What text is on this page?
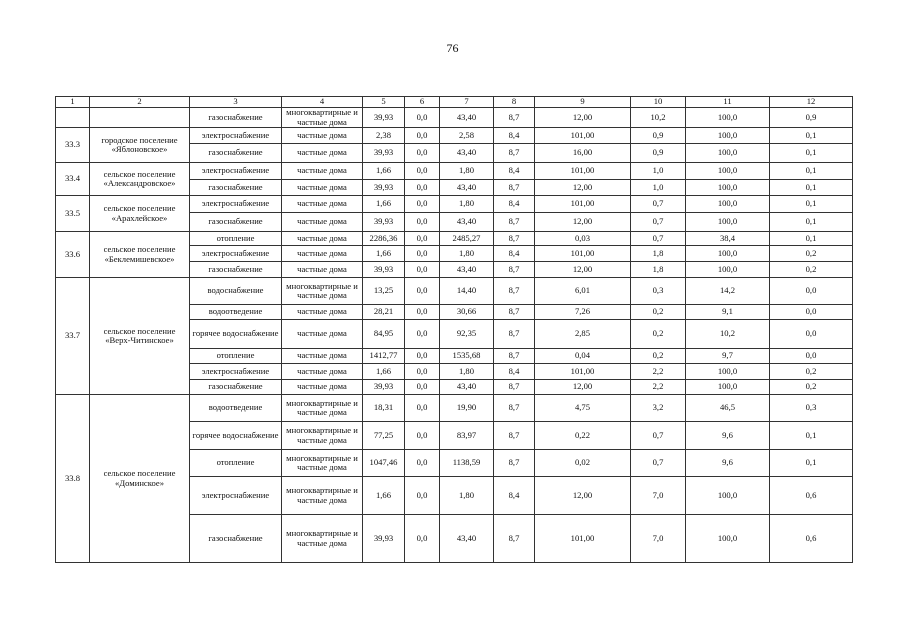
76
1	2	3	4	5	6	7	8	9	10	11	12
		газоснабжение	многоквартирные и частные дома	39,93	0,0	43,40	8,7	12,00	10,2	100,0	0,9
33.3	городское поселение «Яблоновское»	электроснабжение	частные дома	2,38	0,0	2,58	8,4	101,00	0,9	100,0	0,1
		газоснабжение	частные дома	39,93	0,0	43,40	8,7	16,00	0,9	100,0	0,1
33.4	сельское поселение «Александровское»	электроснабжение	частные дома	1,66	0,0	1,80	8,4	101,00	1,0	100,0	0,1
		газоснабжение	частные дома	39,93	0,0	43,40	8,7	12,00	1,0	100,0	0,1
33.5	сельское поселение «Арахлейское»	электроснабжение	частные дома	1,66	0,0	1,80	8,4	101,00	0,7	100,0	0,1
		газоснабжение	частные дома	39,93	0,0	43,40	8,7	12,00	0,7	100,0	0,1
33.6	сельское поселение «Беклемишевское»	отопление	частные дома	2286,36	0,0	2485,27	8,7	0,03	0,7	38,4	0,1
		электроснабжение	частные дома	1,66	0,0	1,80	8,4	101,00	1,8	100,0	0,2
		газоснабжение	частные дома	39,93	0,0	43,40	8,7	12,00	1,8	100,0	0,2
33.7	сельское поселение «Верх-Читинское»	водоснабжение	многоквартирные и частные дома	13,25	0,0	14,40	8,7	6,01	0,3	14,2	0,0
		водоотведение	частные дома	28,21	0,0	30,66	8,7	7,26	0,2	9,1	0,0
		горячее водоснабжение	частные дома	84,95	0,0	92,35	8,7	2,85	0,2	10,2	0,0
		отопление	частные дома	1412,77	0,0	1535,68	8,7	0,04	0,2	9,7	0,0
		электроснабжение	частные дома	1,66	0,0	1,80	8,4	101,00	2,2	100,0	0,2
		газоснабжение	частные дома	39,93	0,0	43,40	8,7	12,00	2,2	100,0	0,2
33.8	сельское поселение «Доминское»	водоотведение	многоквартирные и частные дома	18,31	0,0	19,90	8,7	4,75	3,2	46,5	0,3
		горячее водоснабжение	многоквартирные и частные дома	77,25	0,0	83,97	8,7	0,22	0,7	9,6	0,1
		отопление	многоквартирные и частные дома	1047,46	0,0	1138,59	8,7	0,02	0,7	9,6	0,1
		электроснабжение	многоквартирные и частные дома	1,66	0,0	1,80	8,4	12,00	7,0	100,0	0,6
		газоснабжение	многоквартирные и частные дома	39,93	0,0	43,40	8,7	101,00	7,0	100,0	0,6
